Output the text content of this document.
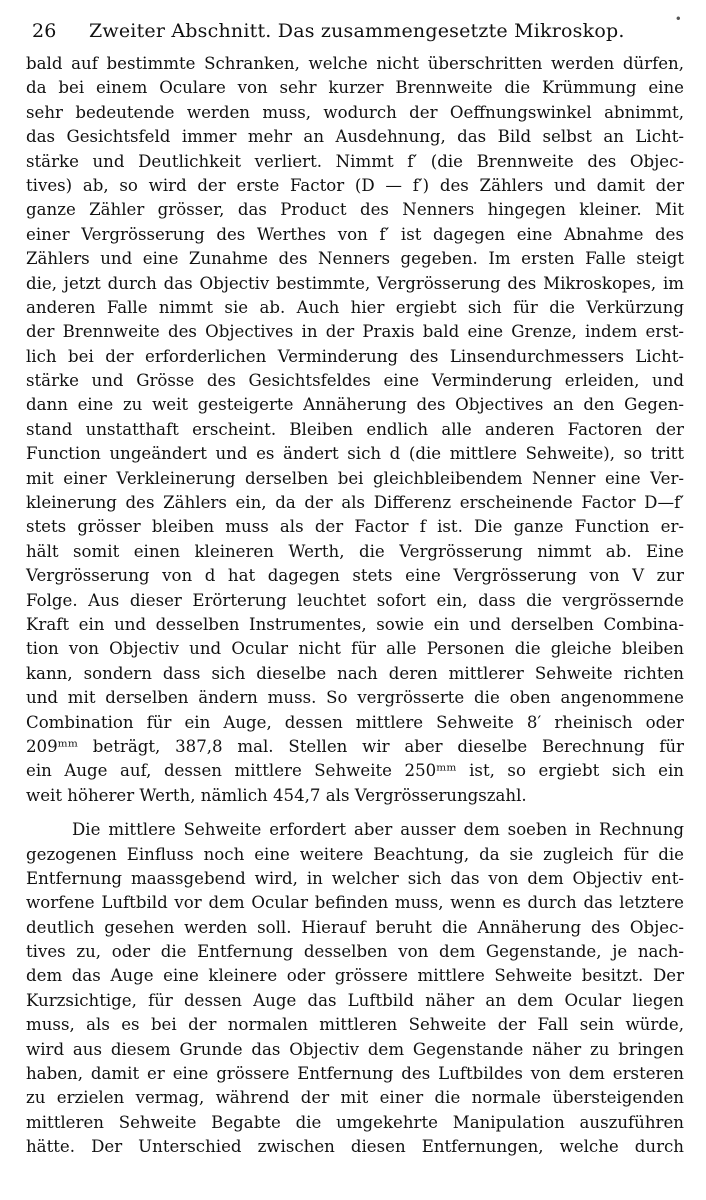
26 Zweiter Abschnitt. Das zusammengesetzte Mikroskop.
•
bald auf bestimmte Schranken, welche nicht überschritten werden dürfen,
da bei einem Oculare von sehr kurzer Brennweite die Krümmung eine
sehr bedeutende werden muss, wodurch der Oeffnungswinkel abnimmt,
das Gesichtsfeld immer mehr an Ausdehnung, das Bild selbst an Licht-
stärke und Deutlichkeit verliert. Nimmt f′ (die Brennweite des Objec-
tives) ab, so wird der erste Factor (D — f′) des Zählers und damit der
ganze Zähler grösser, das Product des Nenners hingegen kleiner. Mit
einer Vergrösserung des Werthes von f′ ist dagegen eine Abnahme des
Zählers und eine Zunahme des Nenners gegeben. Im ersten Falle steigt
die, jetzt durch das Objectiv bestimmte, Vergrösserung des Mikroskopes, im
anderen Falle nimmt sie ab. Auch hier ergiebt sich für die Verkürzung
der Brennweite des Objectives in der Praxis bald eine Grenze, indem erst-
lich bei der erforderlichen Verminderung des Linsendurchmessers Licht-
stärke und Grösse des Gesichtsfeldes eine Verminderung erleiden, und
dann eine zu weit gesteigerte Annäherung des Objectives an den Gegen-
stand unstatthaft erscheint. Bleiben endlich alle anderen Factoren der
Function ungeändert und es ändert sich d (die mittlere Sehweite), so tritt
mit einer Verkleinerung derselben bei gleichbleibendem Nenner eine Ver-
kleinerung des Zählers ein, da der als Differenz erscheinende Factor D—f′
stets grösser bleiben muss als der Factor f ist. Die ganze Function er-
hält somit einen kleineren Werth, die Vergrösserung nimmt ab. Eine
Vergrösserung von d hat dagegen stets eine Vergrösserung von V zur
Folge. Aus dieser Erörterung leuchtet sofort ein, dass die vergrössernde
Kraft ein und desselben Instrumentes, sowie ein und derselben Combina-
tion von Objectiv und Ocular nicht für alle Personen die gleiche bleiben
kann, sondern dass sich dieselbe nach deren mittlerer Sehweite richten
und mit derselben ändern muss. So vergrösserte die oben angenommene
Combination für ein Auge, dessen mittlere Sehweite 8′ rheinisch oder
209ᵐᵐ beträgt, 387,8 mal. Stellen wir aber dieselbe Berechnung für
ein Auge auf, dessen mittlere Sehweite 250ᵐᵐ ist, so ergiebt sich ein
weit höherer Werth, nämlich 454,7 als Vergrösserungszahl.
Die mittlere Sehweite erfordert aber ausser dem soeben in Rechnung
gezogenen Einfluss noch eine weitere Beachtung, da sie zugleich für die
Entfernung maassgebend wird, in welcher sich das von dem Objectiv ent-
worfene Luftbild vor dem Ocular befinden muss, wenn es durch das letztere
deutlich gesehen werden soll. Hierauf beruht die Annäherung des Objec-
tives zu, oder die Entfernung desselben von dem Gegenstande, je nach-
dem das Auge eine kleinere oder grössere mittlere Sehweite besitzt. Der
Kurzsichtige, für dessen Auge das Luftbild näher an dem Ocular liegen
muss, als es bei der normalen mittleren Sehweite der Fall sein würde,
wird aus diesem Grunde das Objectiv dem Gegenstande näher zu bringen
haben, damit er eine grössere Entfernung des Luftbildes von dem ersteren
zu erzielen vermag, während der mit einer die normale übersteigenden
mittleren Sehweite Begabte die umgekehrte Manipulation auszuführen
hätte. Der Unterschied zwischen diesen Entfernungen, welche durch
